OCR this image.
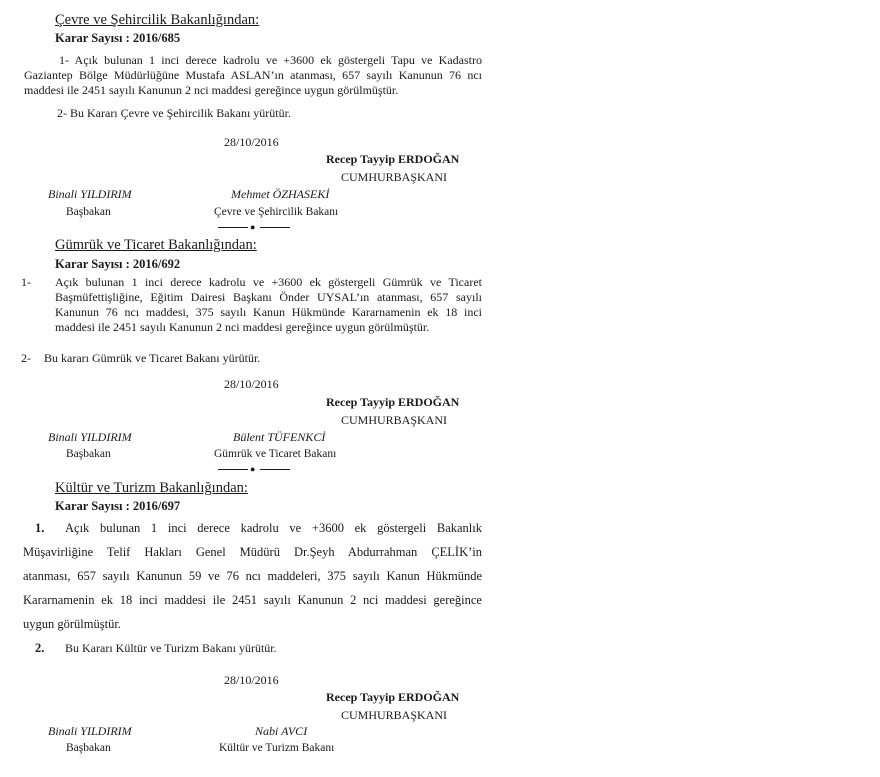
Çevre ve Şehircilik Bakanlığından:
Karar Sayısı : 2016/685
1- Açık bulunan 1 inci derece kadrolu ve +3600 ek göstergeli Tapu ve Kadastro
Gaziantep Bölge Müdürlüğüne Mustafa ASLAN’ın atanması, 657 sayılı Kanunun 76 ncı
maddesi ile 2451 sayılı Kanunun 2 nci maddesi gereğince uygun görülmüştür.
2- Bu Kararı Çevre ve Şehircilik Bakanı yürütür.
28/10/2016
Recep Tayyip ERDOĞAN
CUMHURBAŞKANI
Binali YILDIRIM
Başbakan
Mehmet ÖZHASEKİ
Çevre ve Şehircilik Bakanı
●
Gümrük ve Ticaret Bakanlığından:
Karar Sayısı : 2016/692
1- Açık bulunan 1 inci derece kadrolu ve +3600 ek göstergeli Gümrük ve Ticaret
Başmüfettişliğine, Eğitim Dairesi Başkanı Önder UYSAL’ın atanması, 657 sayılı
Kanunun 76 ncı maddesi, 375 sayılı Kanun Hükmünde Kararnamenin ek 18 inci
maddesi ile 2451 sayılı Kanunun 2 nci maddesi gereğince uygun görülmüştür.
2- Bu kararı Gümrük ve Ticaret Bakanı yürütür.
28/10/2016
Recep Tayyip ERDOĞAN
CUMHURBAŞKANI
Binali YILDIRIM
Başbakan
Bülent TÜFENKCİ
Gümrük ve Ticaret Bakanı
●
Kültür ve Turizm Bakanlığından:
Karar Sayısı : 2016/697
1.	Açık bulunan 1 inci derece kadrolu ve +3600 ek göstergeli Bakanlık
Müşavirliğine Telif Hakları Genel Müdürü Dr.Şeyh Abdurrahman ÇELİK’in
atanması, 657 sayılı Kanunun 59 ve 76 ncı maddeleri, 375 sayılı Kanun Hükmünde
Kararnamenin ek 18 inci maddesi ile 2451 sayılı Kanunun 2 nci maddesi gereğince
uygun görülmüştür.
2. Bu Kararı Kültür ve Turizm Bakanı yürütür.
28/10/2016
Recep Tayyip ERDOĞAN
CUMHURBAŞKANI
Binali YILDIRIM
Başbakan
Nabi AVCI
Kültür ve Turizm Bakanı
